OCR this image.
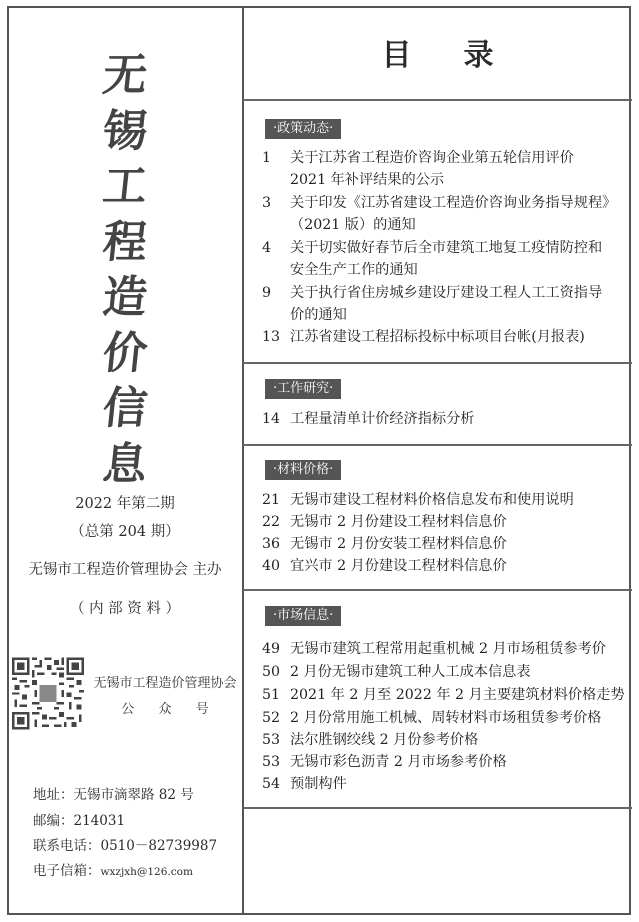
无
锡
工
程
造
价
信
息
2022 年第二期
（总第 204 期）
无锡市工程造价管理协会 主办
（ 内 部 资 料 ）
无锡市工程造价管理协会
公  众  号
地址：无锡市滴翠路 82 号
邮编：214031
联系电话：0510－82739987
电子信箱：wxzjxh@126.com
目 录
·政策动态·
1 关于江苏省工程造价咨询企业第五轮信用评价
2021 年补评结果的公示
3 关于印发《江苏省建设工程造价咨询业务指导规程》
（2021 版）的通知
4 关于切实做好春节后全市建筑工地复工疫情防控和
安全生产工作的通知
9 关于执行省住房城乡建设厅建设工程人工工资指导
价的通知
13 江苏省建设工程招标投标中标项目台帐(月报表)
·工作研究·
14 工程量清单计价经济指标分析
·材料价格·
21 无锡市建设工程材料价格信息发布和使用说明
22 无锡市 2 月份建设工程材料信息价
36 无锡市 2 月份安装工程材料信息价
40 宜兴市 2 月份建设工程材料信息价
·市场信息·
49 无锡市建筑工程常用起重机械 2 月市场租赁参考价
50 2 月份无锡市建筑工种人工成本信息表
51 2021 年 2 月至 2022 年 2 月主要建筑材料价格走势
52 2 月份常用施工机械、周转材料市场租赁参考价格
53 法尔胜钢绞线 2 月份参考价格
53 无锡市彩色沥青 2 月市场参考价格
54 预制构件
